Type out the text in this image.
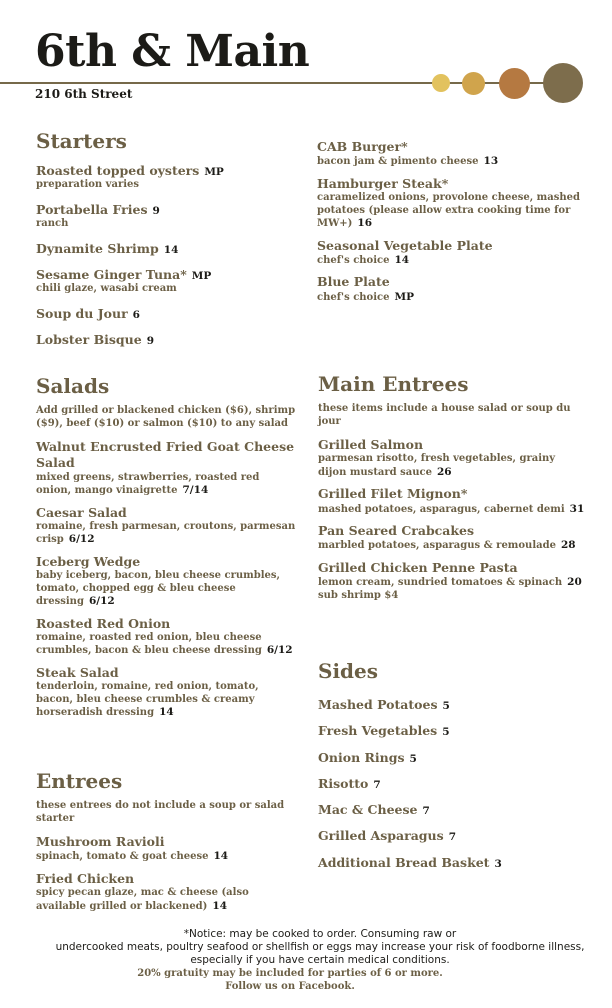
6th & Main
210 6th Street
Starters
Roasted topped oysters MP
preparation varies
Portabella Fries 9
ranch
Dynamite Shrimp 14
Sesame Ginger Tuna* MP
chili glaze, wasabi cream
Soup du Jour 6
Lobster Bisque 9
CAB Burger*
bacon jam & pimento cheese 13
Hamburger Steak*
caramelized onions, provolone cheese, mashed potatoes (please allow extra cooking time for MW+) 16
Seasonal Vegetable Plate
chef's choice 14
Blue Plate
chef's choice MP
Salads
Add grilled or blackened chicken ($6), shrimp ($9), beef ($10) or salmon ($10) to any salad
Walnut Encrusted Fried Goat Cheese Salad
mixed greens, strawberries, roasted red onion, mango vinaigrette 7/14
Caesar Salad
romaine, fresh parmesan, croutons, parmesan crisp 6/12
Iceberg Wedge
baby iceberg, bacon, bleu cheese crumbles, tomato, chopped egg & bleu cheese dressing 6/12
Roasted Red Onion
romaine, roasted red onion, bleu cheese crumbles, bacon & bleu cheese dressing 6/12
Steak Salad
tenderloin, romaine, red onion, tomato, bacon, bleu cheese crumbles & creamy horseradish dressing 14
Entrees
these entrees do not include a soup or salad starter
Mushroom Ravioli
spinach, tomato & goat cheese 14
Fried Chicken
spicy pecan glaze, mac & cheese (also available grilled or blackened) 14
Main Entrees
these items include a house salad or soup du jour
Grilled Salmon
parmesan risotto, fresh vegetables, grainy dijon mustard sauce 26
Grilled Filet Mignon*
mashed potatoes, asparagus, cabernet demi 31
Pan Seared Crabcakes
marbled potatoes, asparagus & remoulade 28
Grilled Chicken Penne Pasta
lemon cream, sundried tomatoes & spinach 20
sub shrimp $4
Sides
Mashed Potatoes 5
Fresh Vegetables 5
Onion Rings 5
Risotto 7
Mac & Cheese 7
Grilled Asparagus 7
Additional Bread Basket 3
*Notice: may be cooked to order. Consuming raw or
undercooked meats, poultry seafood or shellfish or eggs may increase your risk of foodborne illness,
especially if you have certain medical conditions.
20% gratuity may be included for parties of 6 or more.
Follow us on Facebook.
